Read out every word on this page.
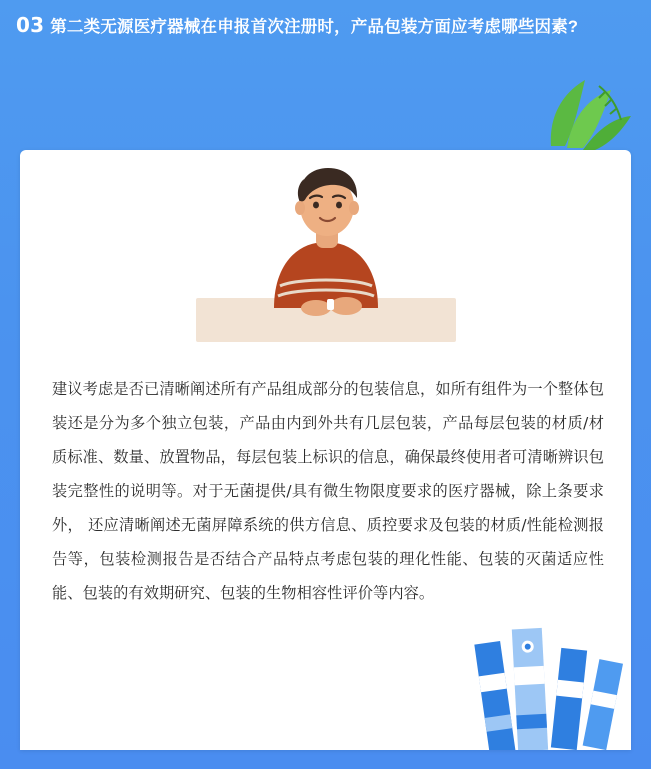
03 第二类无源医疗器械在申报首次注册时，产品包装方面应考虑哪些因素?
建议考虑是否已清晰阐述所有产品组成部分的包装信息，如所有组件为一个整体包装还是分为多个独立包装，产品由内到外共有几层包装，产品每层包装的材质/材质标准、数量、放置物品，每层包装上标识的信息，确保最终使用者可清晰辨识包装完整性的说明等。对于无菌提供/具有微生物限度要求的医疗器械，除上条要求外， 还应清晰阐述无菌屏障系统的供方信息、质控要求及包装的材质/性能检测报告等，包装检测报告是否结合产品特点考虑包装的理化性能、包装的灭菌适应性能、包装的有效期研究、包装的生物相容性评价等内容。
